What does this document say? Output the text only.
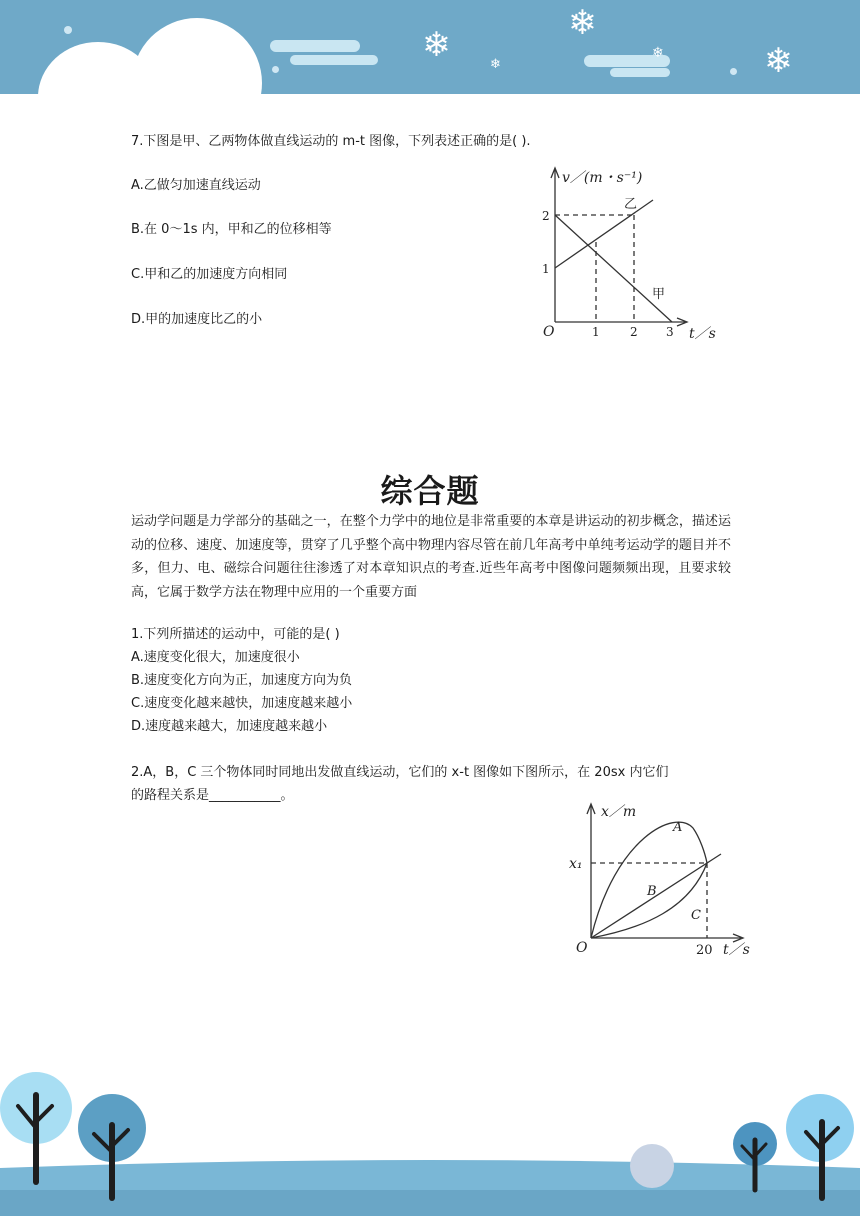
❄
❄
❄
❄
❄

7.下图是甲、乙两物体做直线运动的 m-t 图像，下列表述正确的是( ).

A.乙做匀加速直线运动

B.在 0～1s 内，甲和乙的位移相等

C.甲和乙的加速度方向相同

D.甲的加速度比乙的小

v／(m・s⁻¹)
t／s
O	1	2 3
1
2
甲
乙
综合题

运动学问题是力学部分的基础之一，在整个力学中的地位是非常重要的本章是讲运动的初步概念，描述运动的位移、速度、加速度等，贯穿了几乎整个高中物理内容尽管在前几年高考中单纯考运动学的题目并不多，但力、电、磁综合问题往往渗透了对本章知识点的考查.近些年高考中图像问题频频出现，且要求较高，它属于数学方法在物理中应用的一个重要方面

1.下列所描述的运动中，可能的是( )

A.速度变化很大，加速度很小

B.速度变化方向为正，加速度方向为负

C.速度变化越来越快，加速度越来越小

D.速度越来越大，加速度越来越小

2.A，B，C 三个物体同时同地出发做直线运动，它们的 x-t 图像如下图所示，在 20sx 内它们

的路程关系是___________。

x／m
t／s
O
x₁
20
A
B
C
